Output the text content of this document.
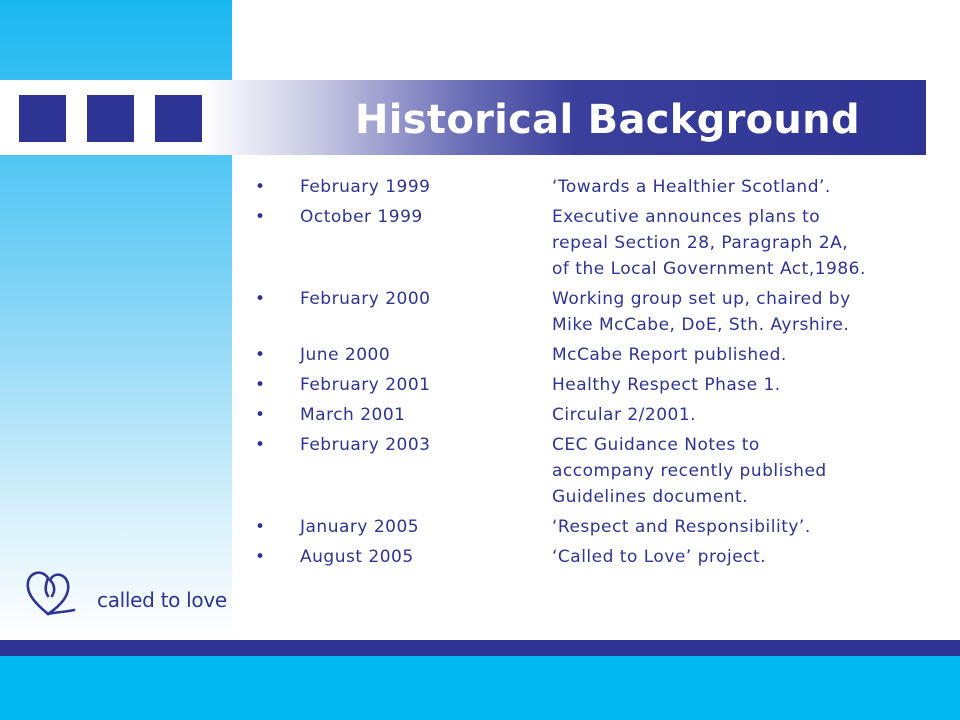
Historical Background
•	February 1999	‘Towards a Healthier Scotland’.
•	October 1999	Executive announces plans to
repeal Section 28, Paragraph 2A,
of the Local Government Act,1986.
•	February 2000	Working group set up, chaired by
Mike McCabe, DoE, Sth. Ayrshire.
•	June 2000	McCabe Report published.
•	February 2001	Healthy Respect Phase 1.
•	March 2001	Circular 2/2001.
•	February 2003	CEC Guidance Notes to
accompany recently published
Guidelines document.
•	January 2005	‘Respect and Responsibility’.
•	August 2005	‘Called to Love’ project.
called to love
